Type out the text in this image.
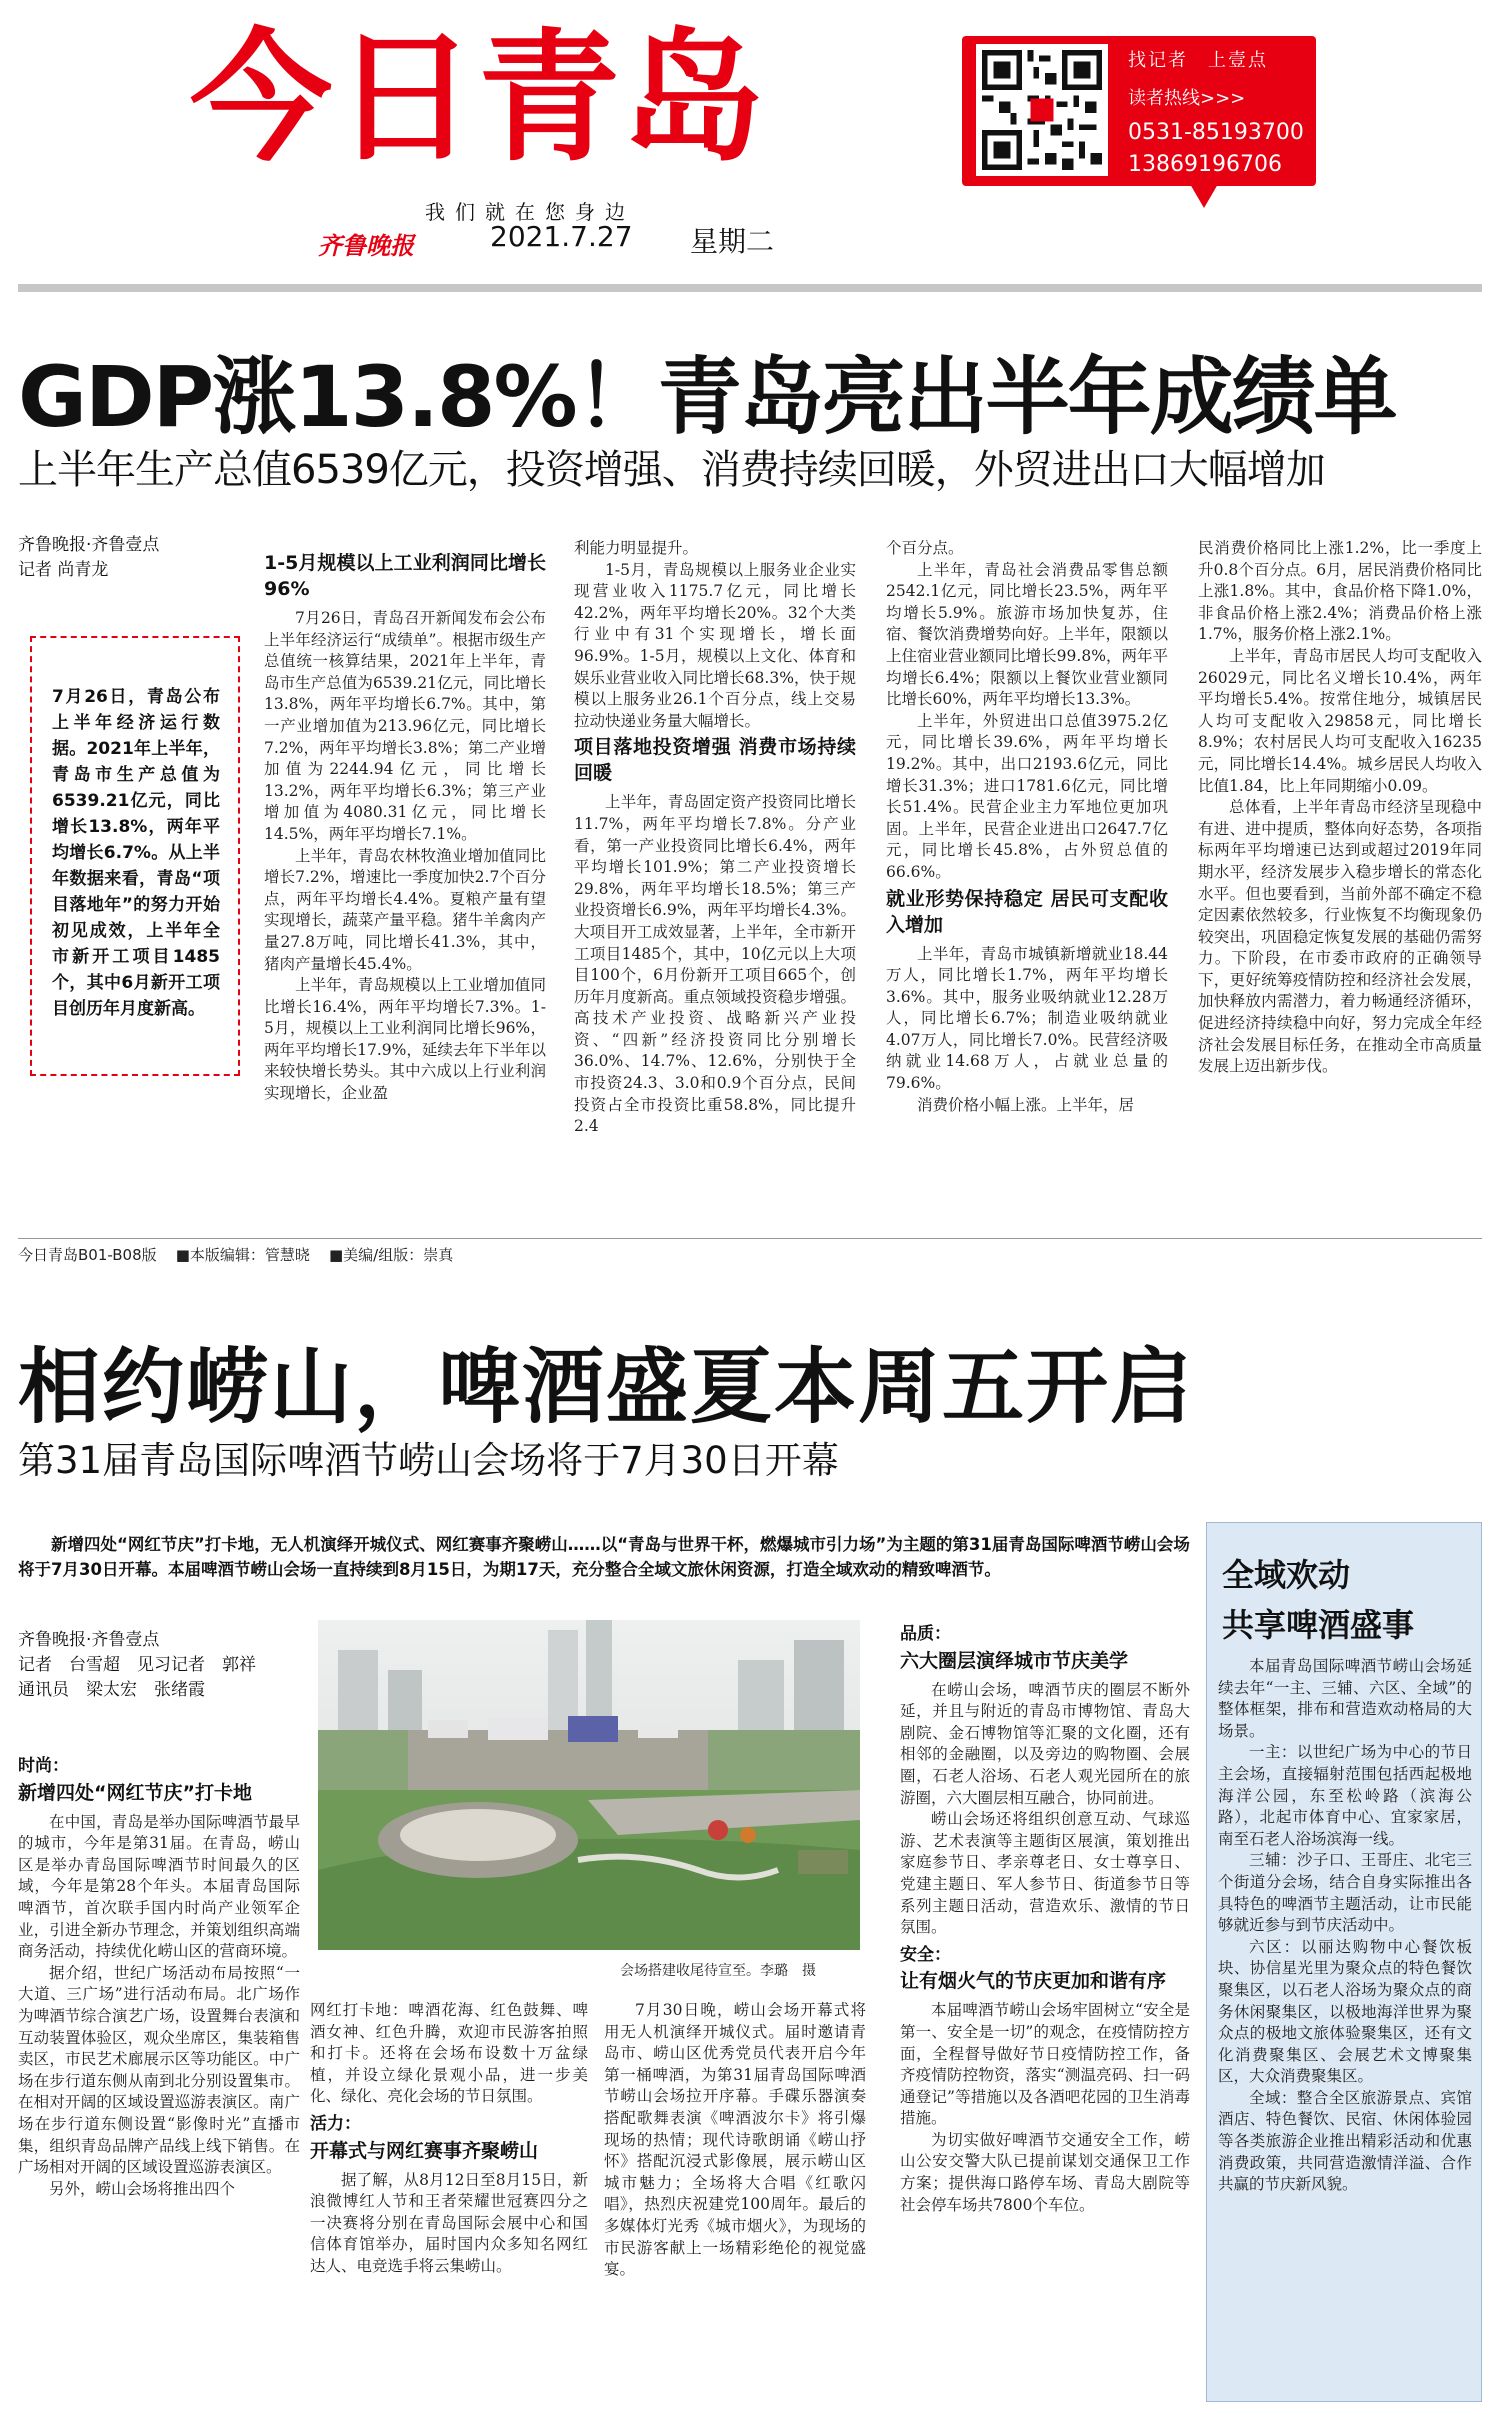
今日青岛
我们就在您身边
齐鲁晚报	2021.7.27 星期二
找记者　上壹点
读者热线>>>
0531-85193700
13869196706
GDP涨13.8%！青岛亮出半年成绩单
上半年生产总值6539亿元，投资增强、消费持续回暖，外贸进出口大幅增加
齐鲁晚报·齐鲁壹点
记者 尚青龙
7月26日，青岛公布上半年经济运行数据。2021年上半年，青岛市生产总值为6539.21亿元，同比增长13.8%，两年平均增长6.7%。从上半年数据来看，青岛“项目落地年”的努力开始初见成效，上半年全市新开工项目1485个，其中6月新开工项目创历年月度新高。
1-5月规模以上工业利润同比增长96%

7月26日，青岛召开新闻发布会公布上半年经济运行“成绩单”。根据市级生产总值统一核算结果，2021年上半年，青岛市生产总值为6539.21亿元，同比增长13.8%，两年平均增长6.7%。其中，第一产业增加值为213.96亿元，同比增长7.2%，两年平均增长3.8%；第二产业增加值为2244.94亿元，同比增长13.2%，两年平均增长6.3%；第三产业增加值为4080.31亿元，同比增长14.5%，两年平均增长7.1%。

上半年，青岛农林牧渔业增加值同比增长7.2%，增速比一季度加快2.7个百分点，两年平均增长4.4%。夏粮产量有望实现增长，蔬菜产量平稳。猪牛羊禽肉产量27.8万吨，同比增长41.3%，其中，猪肉产量增长45.4%。

上半年，青岛规模以上工业增加值同比增长16.4%，两年平均增长7.3%。1-5月，规模以上工业利润同比增长96%，两年平均增长17.9%，延续去年下半年以来较快增长势头。其中六成以上行业利润实现增长，企业盈

利能力明显提升。

1-5月，青岛规模以上服务业企业实现营业收入1175.7亿元，同比增长42.2%，两年平均增长20%。32个大类行业中有31个实现增长，增长面96.9%。1-5月，规模以上文化、体育和娱乐业营业收入同比增长68.3%，快于规模以上服务业26.1个百分点，线上交易拉动快递业务量大幅增长。

项目落地投资增强 消费市场持续回暖

上半年，青岛固定资产投资同比增长11.7%，两年平均增长7.8%。分产业看，第一产业投资同比增长6.4%，两年平均增长101.9%；第二产业投资增长29.8%，两年平均增长18.5%；第三产业投资增长6.9%，两年平均增长4.3%。大项目开工成效显著，上半年，全市新开工项目1485个，其中，10亿元以上大项目100个，6月份新开工项目665个，创历年月度新高。重点领域投资稳步增强。高技术产业投资、战略新兴产业投资、“四新”经济投资同比分别增长36.0%、14.7%、12.6%，分别快于全市投资24.3、3.0和0.9个百分点，民间投资占全市投资比重58.8%，同比提升2.4

个百分点。

上半年，青岛社会消费品零售总额2542.1亿元，同比增长23.5%，两年平均增长5.9%。旅游市场加快复苏，住宿、餐饮消费增势向好。上半年，限额以上住宿业营业额同比增长99.8%，两年平均增长6.4%；限额以上餐饮业营业额同比增长60%，两年平均增长13.3%。

上半年，外贸进出口总值3975.2亿元，同比增长39.6%，两年平均增长19.2%。其中，出口2193.6亿元，同比增长31.3%；进口1781.6亿元，同比增长51.4%。民营企业主力军地位更加巩固。上半年，民营企业进出口2647.7亿元，同比增长45.8%，占外贸总值的66.6%。

就业形势保持稳定 居民可支配收入增加

上半年，青岛市城镇新增就业18.44万人，同比增长1.7%，两年平均增长3.6%。其中，服务业吸纳就业12.28万人，同比增长6.7%；制造业吸纳就业4.07万人，同比增长7.0%。民营经济吸纳就业14.68万人，占就业总量的79.6%。

消费价格小幅上涨。上半年，居

民消费价格同比上涨1.2%，比一季度上升0.8个百分点。6月，居民消费价格同比上涨1.8%。其中，食品价格下降1.0%，非食品价格上涨2.4%；消费品价格上涨1.7%，服务价格上涨2.1%。

上半年，青岛市居民人均可支配收入26029元，同比名义增长10.4%，两年平均增长5.4%。按常住地分，城镇居民人均可支配收入29858元，同比增长8.9%；农村居民人均可支配收入16235元，同比增长14.4%。城乡居民人均收入比值1.84，比上年同期缩小0.09。

总体看，上半年青岛市经济呈现稳中有进、进中提质，整体向好态势，各项指标两年平均增速已达到或超过2019年同期水平，经济发展步入稳步增长的常态化水平。但也要看到，当前外部不确定不稳定因素依然较多，行业恢复不均衡现象仍较突出，巩固稳定恢复发展的基础仍需努力。下阶段，在市委市政府的正确领导下，更好统筹疫情防控和经济社会发展，加快释放内需潜力，着力畅通经济循环，促进经济持续稳中向好，努力完成全年经济社会发展目标任务，在推动全市高质量发展上迈出新步伐。

今日青岛B01-B08版 ■本版编辑：管慧晓 ■美编/组版：崇真
相约崂山，啤酒盛夏本周五开启
第31届青岛国际啤酒节崂山会场将于7月30日开幕
新增四处“网红节庆”打卡地，无人机演绎开城仪式、网红赛事齐聚崂山……以“青岛与世界干杯，燃爆城市引力场”为主题的第31届青岛国际啤酒节崂山会场将于7月30日开幕。本届啤酒节崂山会场一直持续到8月15日，为期17天，充分整合全域文旅休闲资源，打造全域欢动的精致啤酒节。
齐鲁晚报·齐鲁壹点
记者　台雪超　见习记者　郭祥
通讯员　梁太宏　张绪霞
时尚：
新增四处“网红节庆”打卡地

在中国，青岛是举办国际啤酒节最早的城市，今年是第31届。在青岛，崂山区是举办青岛国际啤酒节时间最久的区域，今年是第28个年头。本届青岛国际啤酒节，首次联手国内时尚产业领军企业，引进全新办节理念，并策划组织高端商务活动，持续优化崂山区的营商环境。

据介绍，世纪广场活动布局按照“一大道、三广场”进行活动布局。北广场作为啤酒节综合演艺广场，设置舞台表演和互动装置体验区，观众坐席区，集装箱售卖区，市民艺术廊展示区等功能区。中广场在步行道东侧从南到北分别设置集市。在相对开阔的区域设置巡游表演区。南广场在步行道东侧设置“影像时光”直播市集，组织青岛品牌产品线上线下销售。在广场相对开阔的区域设置巡游表演区。

另外，崂山会场将推出四个

会场搭建收尾待宣至。李璐　摄

网红打卡地：啤酒花海、红色鼓舞、啤酒女神、红色升腾，欢迎市民游客拍照和打卡。还将在会场布设数十万盆绿植，并设立绿化景观小品，进一步美化、绿化、亮化会场的节日氛围。

活力：
开幕式与网红赛事齐聚崂山

据了解，从8月12日至8月15日，新浪微博红人节和王者荣耀世冠赛四分之一决赛将分别在青岛国际会展中心和国信体育馆举办，届时国内众多知名网红达人、电竞选手将云集崂山。

7月30日晚，崂山会场开幕式将用无人机演绎开城仪式。届时邀请青岛市、崂山区优秀党员代表开启今年第一桶啤酒，为第31届青岛国际啤酒节崂山会场拉开序幕。手碟乐器演奏搭配歌舞表演《啤酒波尔卡》将引爆现场的热情；现代诗歌朗诵《崂山抒怀》搭配沉浸式影像展，展示崂山区城市魅力；全场将大合唱《红歌闪唱》，热烈庆祝建党100周年。最后的多媒体灯光秀《城市烟火》，为现场的市民游客献上一场精彩绝伦的视觉盛宴。

品质：
六大圈层演绎城市节庆美学

在崂山会场，啤酒节庆的圈层不断外延，并且与附近的青岛市博物馆、青岛大剧院、金石博物馆等汇聚的文化圈，还有相邻的金融圈，以及旁边的购物圈、会展圈，石老人浴场、石老人观光园所在的旅游圈，六大圈层相互融合，协同前进。

崂山会场还将组织创意互动、气球巡游、艺术表演等主题街区展演，策划推出家庭参节日、孝亲尊老日、女士尊享日、党建主题日、军人参节日、街道参节日等系列主题日活动，营造欢乐、激情的节日氛围。

安全：
让有烟火气的节庆更加和谐有序

本届啤酒节崂山会场牢固树立“安全是第一、安全是一切”的观念，在疫情防控方面，全程督导做好节日疫情防控工作，备齐疫情防控物资，落实“测温亮码、扫一码通登记”等措施以及各酒吧花园的卫生消毒措施。

为切实做好啤酒节交通安全工作，崂山公安交警大队已提前谋划交通保卫工作方案；提供海口路停车场、青岛大剧院等社会停车场共7800个车位。

全域欢动
共享啤酒盛事

本届青岛国际啤酒节崂山会场延续去年“一主、三辅、六区、全域”的整体框架，排布和营造欢动格局的大场景。

一主：以世纪广场为中心的节日主会场，直接辐射范围包括西起极地海洋公园，东至松岭路（滨海公路），北起市体育中心、宜家家居，南至石老人浴场滨海一线。

三辅：沙子口、王哥庄、北宅三个街道分会场，结合自身实际推出各具特色的啤酒节主题活动，让市民能够就近参与到节庆活动中。

六区：以丽达购物中心餐饮板块、协信星光里为聚众点的特色餐饮聚集区，以石老人浴场为聚众点的商务休闲聚集区，以极地海洋世界为聚众点的极地文旅体验聚集区，还有文化消费聚集区、会展艺术文博聚集区，大众消费聚集区。

全域：整合全区旅游景点、宾馆酒店、特色餐饮、民宿、休闲体验园等各类旅游企业推出精彩活动和优惠消费政策，共同营造激情洋溢、合作共赢的节庆新风貌。
